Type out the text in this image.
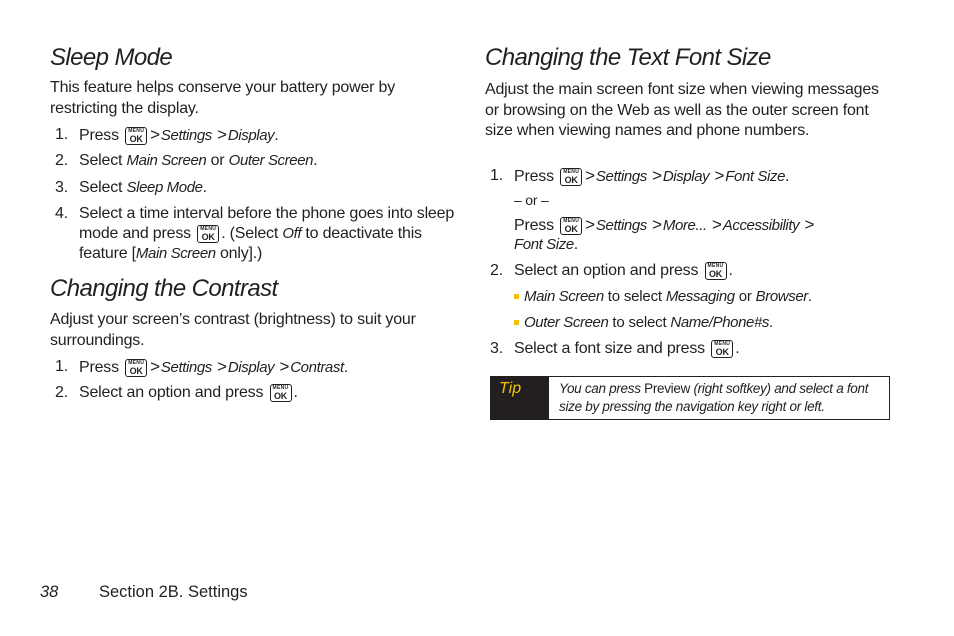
Sleep Mode

This feature helps conserve your battery power by restricting the display.

1. Press	MENU
OK >Settings >Display.
2. Select Main Screen or Outer Screen.
3. Select Sleep Mode.
4. Select a time interval before the phone goes into sleep mode and press	MENU
OK . (Select Off to deactivate this feature [Main Screen only].)
Changing the Contrast

Adjust your screen’s contrast (brightness) to suit your surroundings.

1. Press	MENU
OK >Settings >Display >Contrast.
2. Select an option and press	MENU
OK .
Changing the Text Font Size

Adjust the main screen font size when viewing messages or browsing on the Web as well as the outer screen font size when viewing names and phone numbers.

1. Press	MENU
OK >Settings >Display >Font Size.
– or –
Press	MENU
OK >Settings >More... >Accessibility >
Font Size.
2. Select an option and press	MENU
OK .
Main Screen to select Messaging or Browser.
Outer Screen to select Name/Phone#s.
3. Select a font size and press	MENU
OK .
Tip	You can press Preview (right softkey) and select a font size by pressing the navigation key right or left.
38 Section 2B. Settings
